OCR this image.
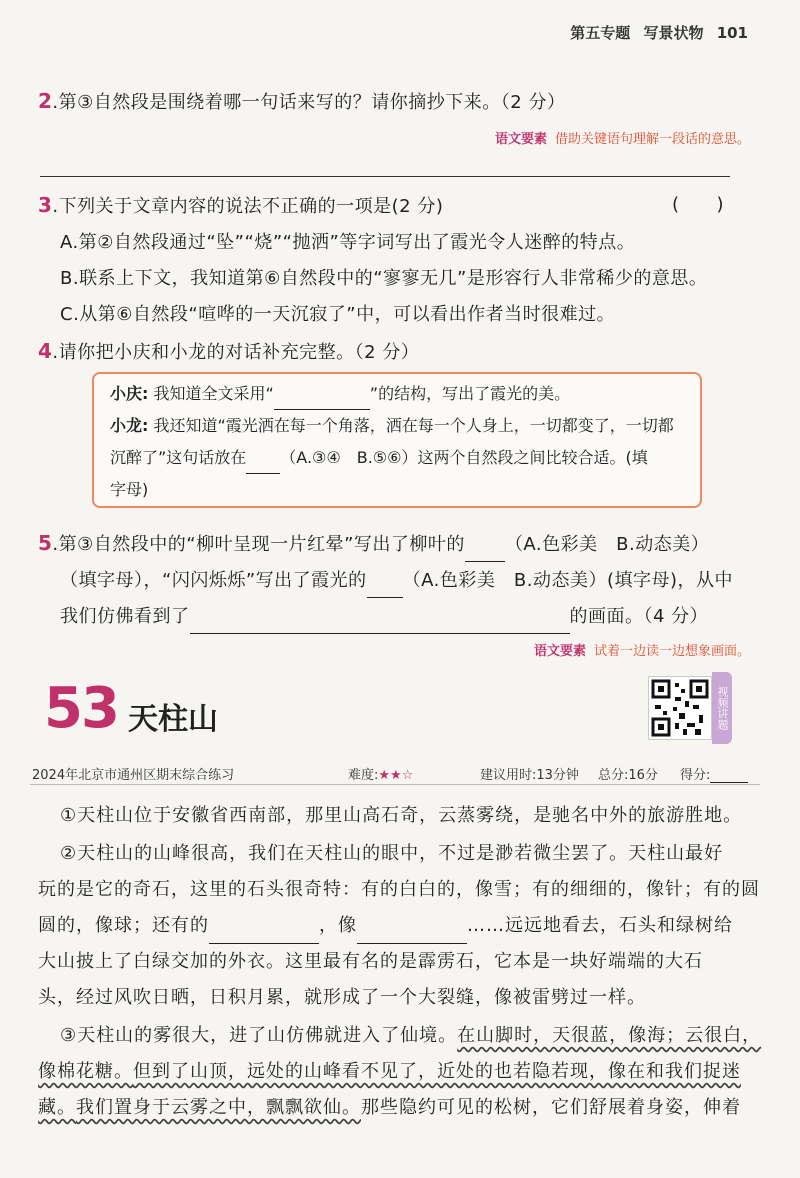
第五专题 写景状物 101
2.第③自然段是围绕着哪一句话来写的？请你摘抄下来。（2 分）
语文要素 借助关键语句理解一段话的意思。
3.下列关于文章内容的说法不正确的一项是(2 分)	(　　)
A.第②自然段通过“坠”“烧”“抛洒”等字词写出了霞光令人迷醉的特点。
B.联系上下文，我知道第⑥自然段中的“寥寥无几”是形容行人非常稀少的意思。
C.从第⑥自然段“喧哗的一天沉寂了”中，可以看出作者当时很难过。
4.请你把小庆和小龙的对话补充完整。（2 分）
小庆: 我知道全文采用“	”的结构，写出了霞光的美。
小龙: 我还知道“霞光洒在每一个角落，洒在每一个人身上，一切都变了，一切都
沉醉了”这句话放在 （A.③④　B.⑤⑥）这两个自然段之间比较合适。(填
字母)
5.第③自然段中的“柳叶呈现一片红晕”写出了柳叶的 （A.色彩美　B.动态美）
（填字母），“闪闪烁烁”写出了霞光的 （A.色彩美　B.动态美）(填字母)，从中
我们仿佛看到了	的画面。（4 分）
语文要素 试着一边读一边想象画面。
53 天柱山	视频讲题
2024年北京市通州区期末综合练习	难度:★★☆	建议用时:13分钟 总分:16分 得分:
①天柱山位于安徽省西南部，那里山高石奇，云蒸雾绕，是驰名中外的旅游胜地。
②天柱山的山峰很高，我们在天柱山的眼中，不过是渺若微尘罢了。天柱山最好
玩的是它的奇石，这里的石头很奇特：有的白白的，像雪；有的细细的，像针；有的圆
圆的，像球；还有的	，像	……远远地看去，石头和绿树给
大山披上了白绿交加的外衣。这里最有名的是霹雳石，它本是一块好端端的大石
头，经过风吹日晒，日积月累，就形成了一个大裂缝，像被雷劈过一样。
③天柱山的雾很大，进了山仿佛就进入了仙境。在山脚时，天很蓝，像海；云很白，
像棉花糖。但到了山顶，远处的山峰看不见了，近处的也若隐若现，像在和我们捉迷
藏。我们置身于云雾之中，飘飘欲仙。那些隐约可见的松树，它们舒展着身姿，伸着
